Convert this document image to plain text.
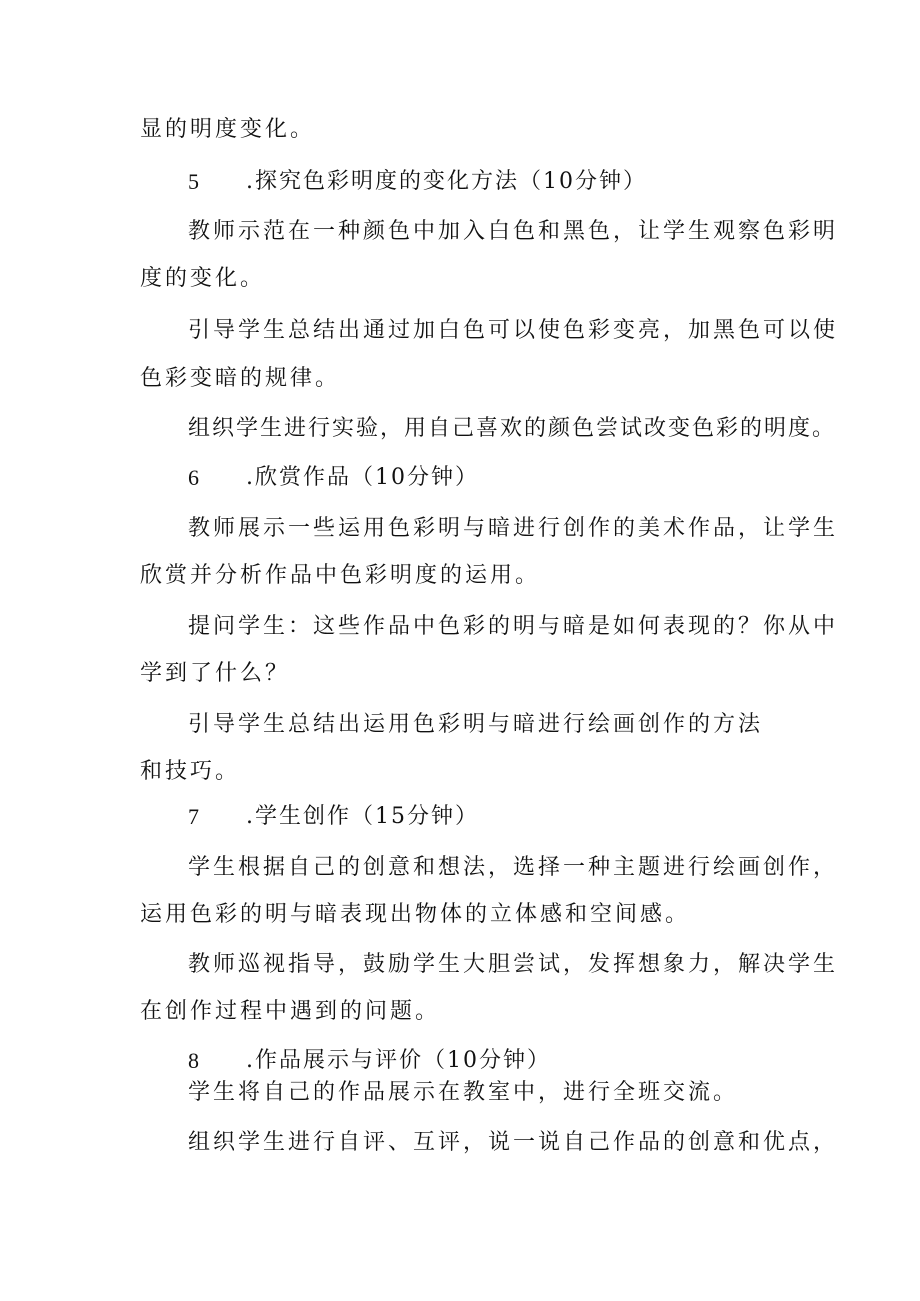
显的明度变化。
5 .探究色彩明度的变化方法（10分钟）
教师示范在一种颜色中加入白色和黑色，让学生观察色彩明
度的变化。
引导学生总结出通过加白色可以使色彩变亮，加黑色可以使
色彩变暗的规律。
组织学生进行实验，用自己喜欢的颜色尝试改变色彩的明度。
6 .欣赏作品（10分钟）
教师展示一些运用色彩明与暗进行创作的美术作品，让学生
欣赏并分析作品中色彩明度的运用。
提问学生：这些作品中色彩的明与暗是如何表现的？你从中
学到了什么？
引导学生总结出运用色彩明与暗进行绘画创作的方法
和技巧。
7 .学生创作（15分钟）
学生根据自己的创意和想法，选择一种主题进行绘画创作，
运用色彩的明与暗表现出物体的立体感和空间感。
教师巡视指导，鼓励学生大胆尝试，发挥想象力，解决学生
在创作过程中遇到的问题。
8 .作品展示与评价（10分钟）
学生将自己的作品展示在教室中，进行全班交流。
组织学生进行自评、互评，说一说自己作品的创意和优点，
